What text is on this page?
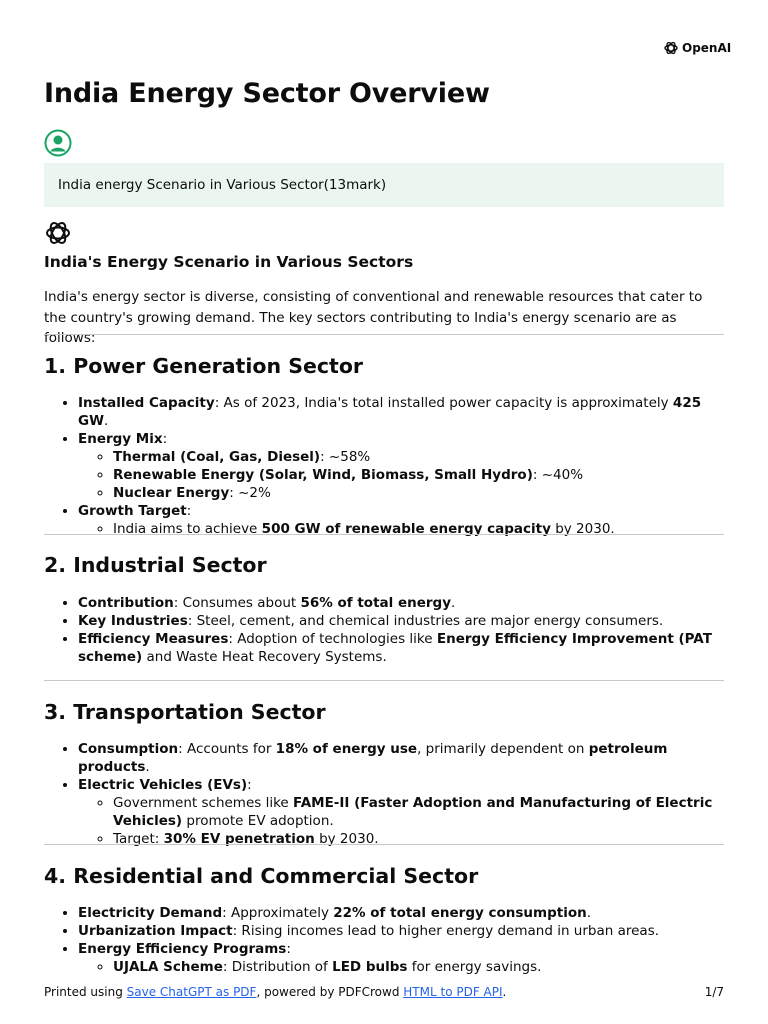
OpenAI
India Energy Sector Overview
India energy Scenario in Various Sector(13mark)
India's Energy Scenario in Various Sectors

India's energy sector is diverse, consisting of conventional and renewable resources that cater to the country's growing demand. The key sectors contributing to India's energy scenario are as follows:

1. Power Generation Sector
• Installed Capacity: As of 2023, India's total installed power capacity is approximately 425 GW.
• Energy Mix:
◦ Thermal (Coal, Gas, Diesel): ~58%
◦ Renewable Energy (Solar, Wind, Biomass, Small Hydro): ~40%
◦ Nuclear Energy: ~2%
• Growth Target:
◦ India aims to achieve 500 GW of renewable energy capacity by 2030.
2. Industrial Sector
• Contribution: Consumes about 56% of total energy.
• Key Industries: Steel, cement, and chemical industries are major energy consumers.
• Efficiency Measures: Adoption of technologies like Energy Efficiency Improvement (PAT scheme) and Waste Heat Recovery Systems.
3. Transportation Sector
• Consumption: Accounts for 18% of energy use, primarily dependent on petroleum products.
• Electric Vehicles (EVs):
◦ Government schemes like FAME-II (Faster Adoption and Manufacturing of Electric Vehicles) promote EV adoption.
◦ Target: 30% EV penetration by 2030.
4. Residential and Commercial Sector
• Electricity Demand: Approximately 22% of total energy consumption.
• Urbanization Impact: Rising incomes lead to higher energy demand in urban areas.
• Energy Efficiency Programs:
◦ UJALA Scheme: Distribution of LED bulbs for energy savings.
Printed using Save ChatGPT as PDF, powered by PDFCrowd HTML to PDF API.	1/7
